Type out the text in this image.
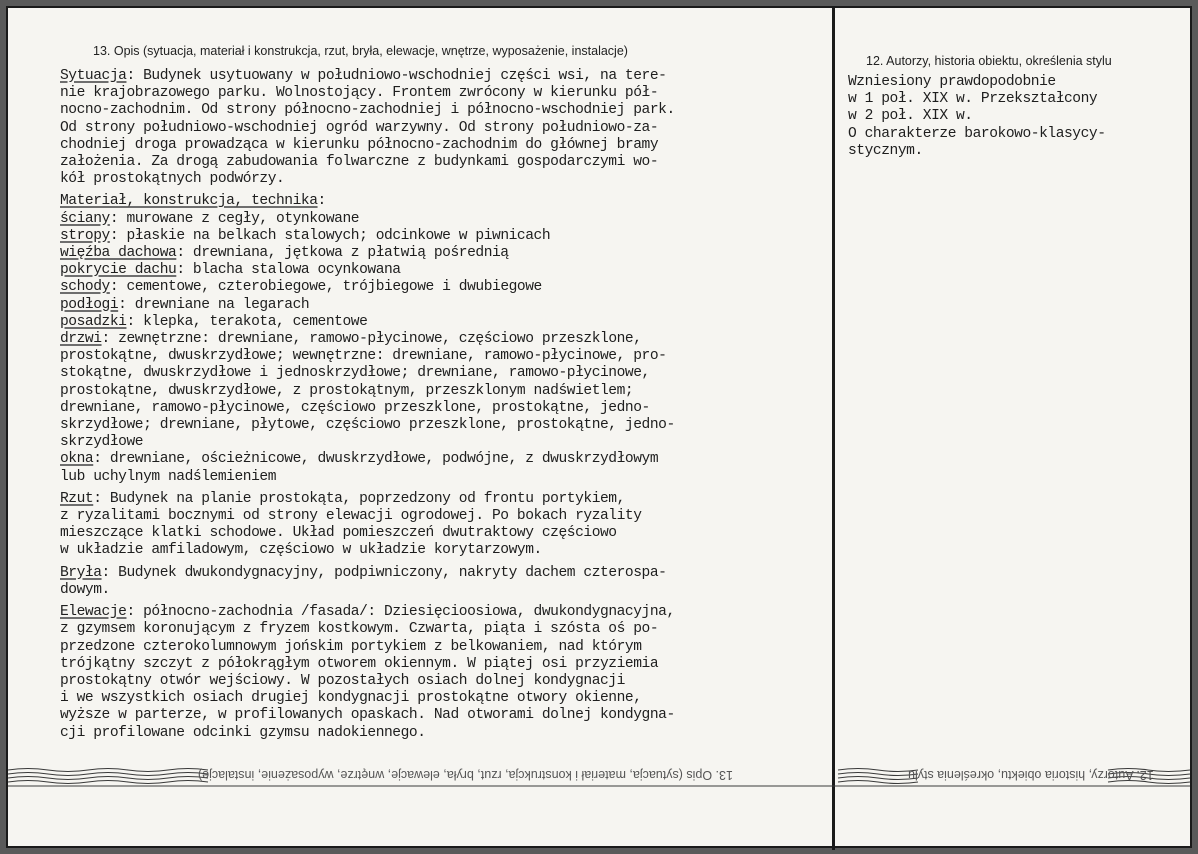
13. Opis (sytuacja, materiał i konstrukcja, rzut, bryła, elewacje, wnętrze, wyposażenie, instalacje)
Sytuacja: Budynek usytuowany w południowo-wschodniej części wsi, na tere-
nie krajobrazowego parku. Wolnostojący. Frontem zwrócony w kierunku pół-
nocno-zachodnim. Od strony północno-zachodniej i północno-wschodniej park.
Od strony południowo-wschodniej ogród warzywny. Od strony południowo-za-
chodniej droga prowadząca w kierunku północno-zachodnim do głównej bramy
założenia. Za drogą zabudowania folwarczne z budynkami gospodarczymi wo-
kół prostokątnych podwórzy.
Materiał, konstrukcja, technika:
ściany: murowane z cegły, otynkowane
stropy: płaskie na belkach stalowych; odcinkowe w piwnicach
więźba dachowa: drewniana, jętkowa z płatwią pośrednią
pokrycie dachu: blacha stalowa ocynkowana
schody: cementowe, czterobiegowe, trójbiegowe i dwubiegowe
podłogi: drewniane na legarach
posadzki: klepka, terakota, cementowe
drzwi: zewnętrzne: drewniane, ramowo-płycinowe, częściowo przeszklone,
prostokątne, dwuskrzydłowe; wewnętrzne: drewniane, ramowo-płycinowe, pro-
stokątne, dwuskrzydłowe i jednoskrzydłowe; drewniane, ramowo-płycinowe,
prostokątne, dwuskrzydłowe, z prostokątnym, przeszklonym nadświetlem;
drewniane, ramowo-płycinowe, częściowo przeszklone, prostokątne, jedno-
skrzydłowe; drewniane, płytowe, częściowo przeszklone, prostokątne, jedno-
skrzydłowe
okna: drewniane, ościeżnicowe, dwuskrzydłowe, podwójne, z dwuskrzydłowym
lub uchylnym nadślemieniem
Rzut: Budynek na planie prostokąta, poprzedzony od frontu portykiem,
z ryzalitami bocznymi od strony elewacji ogrodowej. Po bokach ryzality
mieszczące klatki schodowe. Układ pomieszczeń dwutraktowy częściowo
w układzie amfiladowym, częściowo w układzie korytarzowym.
Bryła: Budynek dwukondygnacyjny, podpiwniczony, nakryty dachem czterospa-
dowym.
Elewacje: północno-zachodnia /fasada/: Dziesięcioosiowa, dwukondygnacyjna,
z gzymsem koronującym z fryzem kostkowym. Czwarta, piąta i szósta oś po-
przedzone czterokolumnowym jońskim portykiem z belkowaniem, nad którym
trójkątny szczyt z półokrągłym otworem okiennym. W piątej osi przyziemia
prostokątny otwór wejściowy. W pozostałych osiach dolnej kondygnacji
i we wszystkich osiach drugiej kondygnacji prostokątne otwory okienne,
wyższe w parterze, w profilowanych opaskach. Nad otworami dolnej kondygna-
cji profilowane odcinki gzymsu nadokiennego.
12. Autorzy, historia obiektu, określenia stylu
Wzniesiony prawdopodobnie
w 1 poł. XIX w. Przekształcony
w 2 poł. XIX w.
O charakterze barokowo-klasycy-
stycznym.
13. Opis (sytuacja, materiał i konstrukcja, rzut, bryła, elewacje, wnętrze, wyposażenie, instalacje)	12. Autorzy, historia obiektu, określenia stylu
